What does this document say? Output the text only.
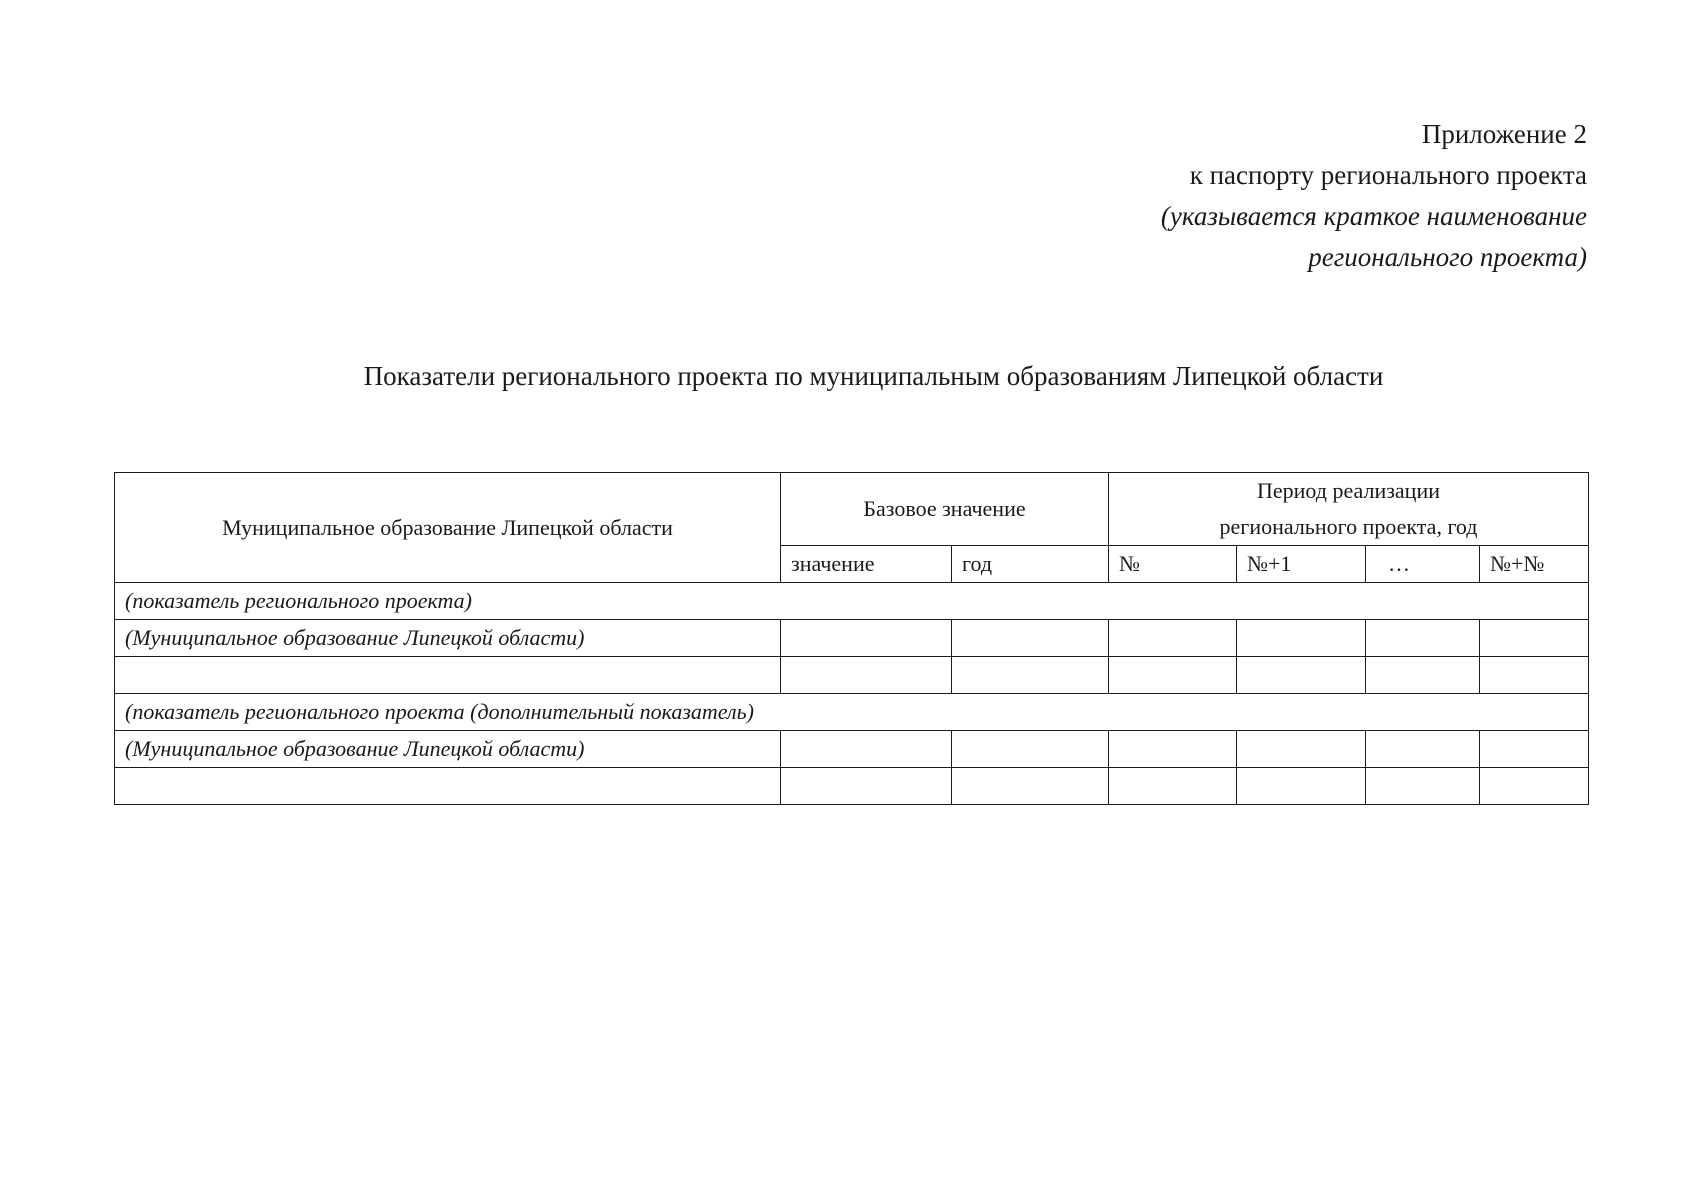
Приложение 2
к паспорту регионального проекта
(указывается краткое наименование
регионального проекта)
Показатели регионального проекта по муниципальным образованиям Липецкой области
Муниципальное образование Липецкой области	Базовое значение		Период реализации
регионального проекта, год			

	значение	год	№	№+1	…	№+№
(показатель регионального проекта)						
(Муниципальное образование Липецкой области)						

(показатель регионального проекта (дополнительный показатель)						
(Муниципальное образование Липецкой области)						
